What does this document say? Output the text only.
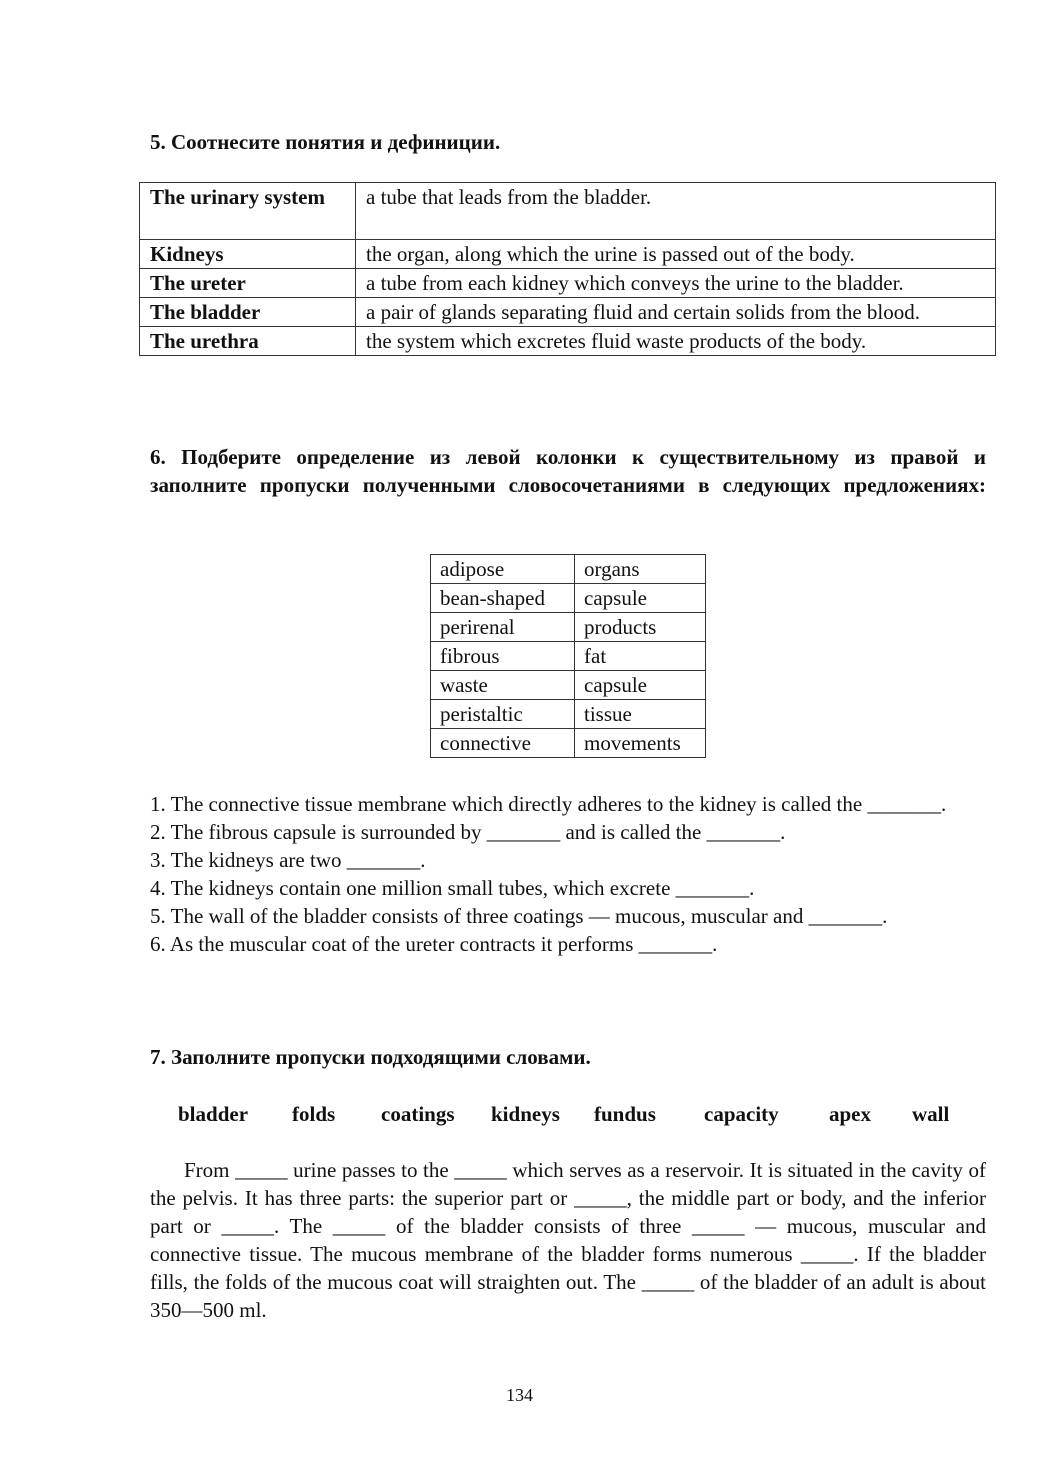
5. Соотнесите понятия и дефиниции.
The urinary system	a tube that leads from the bladder.
Kidneys	the organ, along which the urine is passed out of the body.
The ureter	a tube from each kidney which conveys the urine to the bladder.
The bladder	a pair of glands separating fluid and certain solids from the blood.
The urethra	the system which excretes fluid waste products of the body.
6. Подберите определение из левой колонки к существительному из правой и заполните пропуски полученными словосочетаниями в следующих предложениях:
adipose	organs
bean-shaped	capsule
perirenal	products
fibrous	fat
waste	capsule
peristaltic	tissue
connective	movements

1. The connective tissue membrane which directly adheres to the kidney is called the _______.

2. The fibrous capsule is surrounded by _______ and is called the _______.

3. The kidneys are two _______.

4. The kidneys contain one million small tubes, which excrete _______.

5. The wall of the bladder consists of three coatings — mucous, muscular and _______.

6. As the muscular coat of the ureter contracts it performs _______.

7. Заполните пропуски подходящими словами.
bladder folds coatings kidneys fundus capacity apex wall

From _____ urine passes to the _____ which serves as a reservoir. It is situated in the cavity of the pelvis. It has three parts: the superior part or _____, the middle part or body, and the inferior part or _____. The _____ of the bladder consists of three _____ — mucous, muscular and connective tissue. The mucous membrane of the bladder forms numerous _____. If the bladder fills, the folds of the mucous coat will straighten out. The _____ of the bladder of an adult is about 350—500 ml.

134
